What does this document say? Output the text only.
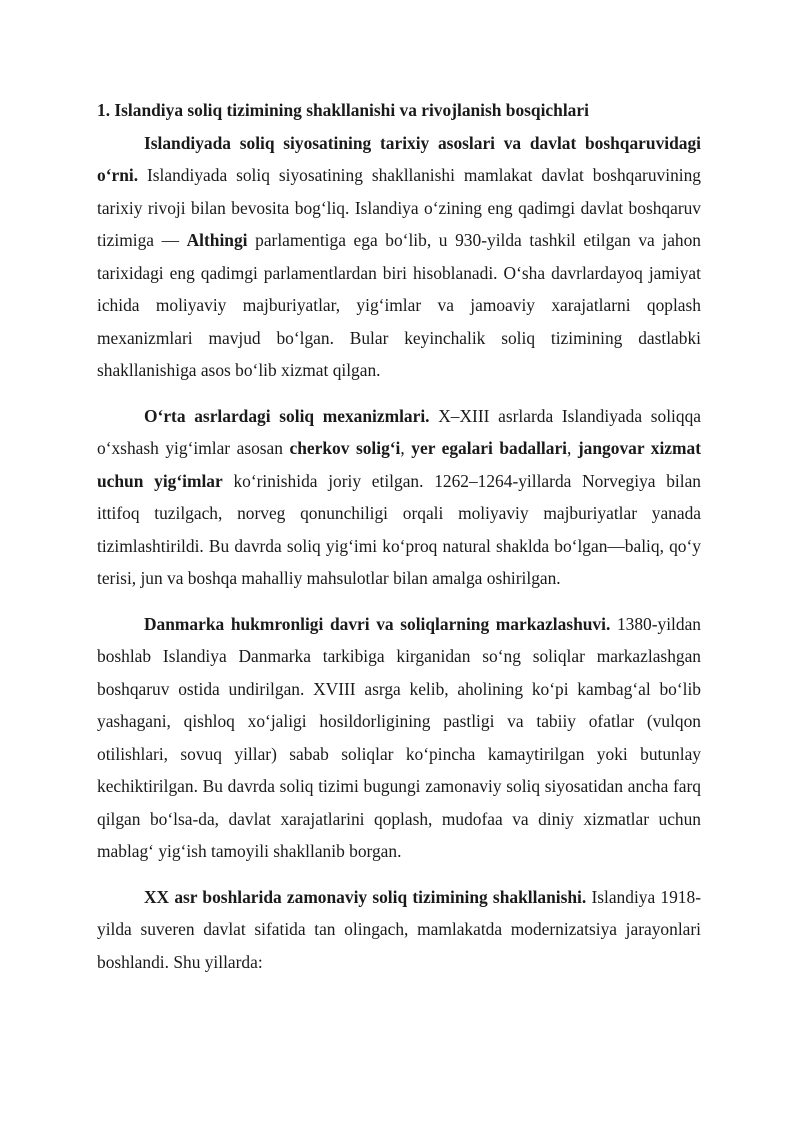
1. Islandiya soliq tizimining shakllanishi va rivojlanish bosqichlari

Islandiyada soliq siyosatining tarixiy asoslari va davlat boshqaruvidagi o‘rni. Islandiyada soliq siyosatining shakllanishi mamlakat davlat boshqaruvining tarixiy rivoji bilan bevosita bog‘liq. Islandiya o‘zining eng qadimgi davlat boshqaruv tizimiga — Althingi parlamentiga ega bo‘lib, u 930-yilda tashkil etilgan va jahon tarixidagi eng qadimgi parlamentlardan biri hisoblanadi. O‘sha davrlardayoq jamiyat ichida moliyaviy majburiyatlar, yig‘imlar va jamoaviy xarajatlarni qoplash mexanizmlari mavjud bo‘lgan. Bular keyinchalik soliq tizimining dastlabki shakllanishiga asos bo‘lib xizmat qilgan.

O‘rta asrlardagi soliq mexanizmlari. X–XIII asrlarda Islandiyada soliqqa o‘xshash yig‘imlar asosan cherkov solig‘i, yer egalari badallari, jangovar xizmat uchun yig‘imlar ko‘rinishida joriy etilgan. 1262–1264-yillarda Norvegiya bilan ittifoq tuzilgach, norveg qonunchiligi orqali moliyaviy majburiyatlar yanada tizimlashtirildi. Bu davrda soliq yig‘imi ko‘proq natural shaklda bo‘lgan—baliq, qo‘y terisi, jun va boshqa mahalliy mahsulotlar bilan amalga oshirilgan.

Danmarka hukmronligi davri va soliqlarning markazlashuvi. 1380-yildan boshlab Islandiya Danmarka tarkibiga kirganidan so‘ng soliqlar markazlashgan boshqaruv ostida undirilgan. XVIII asrga kelib, aholining ko‘pi kambag‘al bo‘lib yashagani, qishloq xo‘jaligi hosildorligining pastligi va tabiiy ofatlar (vulqon otilishlari, sovuq yillar) sabab soliqlar ko‘pincha kamaytirilgan yoki butunlay kechiktirilgan. Bu davrda soliq tizimi bugungi zamonaviy soliq siyosatidan ancha farq qilgan bo‘lsa-da, davlat xarajatlarini qoplash, mudofaa va diniy xizmatlar uchun mablag‘ yig‘ish tamoyili shakllanib borgan.

XX asr boshlarida zamonaviy soliq tizimining shakllanishi. Islandiya 1918-yilda suveren davlat sifatida tan olingach, mamlakatda modernizatsiya jarayonlari boshlandi. Shu yillarda:
